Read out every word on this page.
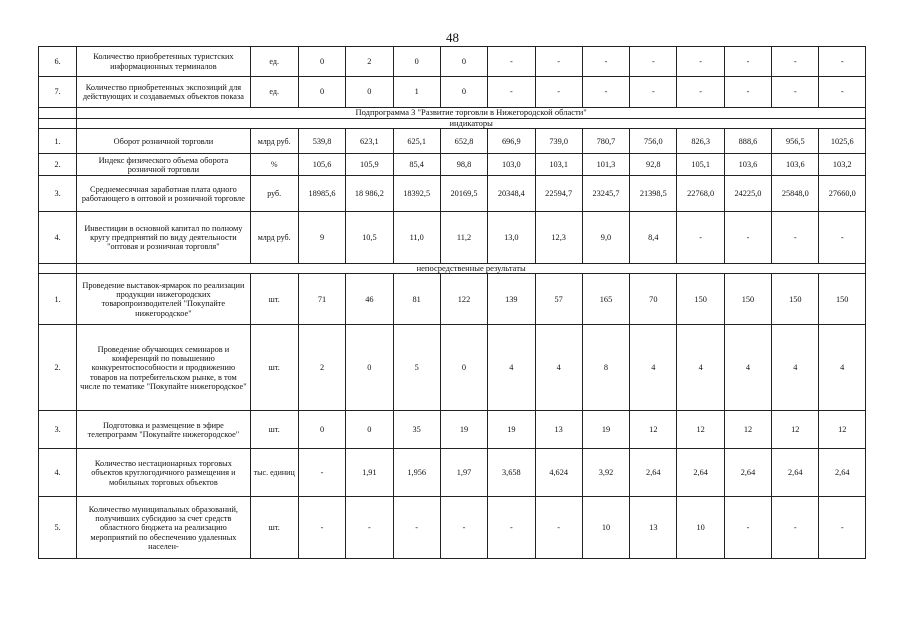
48
6.	Количество приобретенных туристских информационных терминалов	ед.	0	2	0	0	-	-	-	-	-	-	-	-
7.	Количество приобретенных экспозиций для действующих и создаваемых объектов показа	ед.	0	0	1	0	-	-	-	-	-	-	-	-
	Подпрограмма 3 "Развитие торговли в Нижегородской области"													
	индикаторы													
1.	Оборот розничной торговли	млрд руб.	539,8	623,1	625,1	652,8	696,9	739,0	780,7	756,0	826,3	888,6	956,5	1025,6
2.	Индекс физического объема оборота розничной торговли	%	105,6	105,9	85,4	98,8	103,0	103,1	101,3	92,8	105,1	103,6	103,6	103,2
3.	Среднемесячная заработная плата одного работающего в оптовой и розничной торговле	руб.	18985,6	18 986,2	18392,5	20169,5	20348,4	22594,7	23245,7	21398,5	22768,0	24225,0	25848,0	27660,0
4.	Инвестиции в основной капитал по полному кругу предприятий по виду деятельности "оптовая и розничная торговля"	млрд руб.	9	10,5	11,0	11,2	13,0	12,3	9,0	8,4	-	-	-	-
	непосредственные результаты													
1.	Проведение выставок-ярмарок по реализации продукции нижегородских товаропроизводителей "Покупайте нижегородское"	шт.	71	46	81	122	139	57	165	70	150	150	150	150
2.	Проведение обучающих семинаров и конференций по повышению конкурентоспособности и продвижению товаров на потребительском рынке, в том числе по тематике "Покупайте нижегородское"	шт.	2	0	5	0	4	4	8	4	4	4	4	4
3.	Подготовка и размещение в эфире телепрограмм "Покупайте нижегородское"	шт.	0	0	35	19	19	13	19	12	12	12	12	12
4.	Количество нестационарных торговых объектов круглогодичного размещения и мобильных торговых объектов	тыс. единиц	-	1,91	1,956	1,97	3,658	4,624	3,92	2,64	2,64	2,64	2,64	2,64
5.	Количество муниципальных образований, получивших субсидию за счет средств областного бюджета на реализацию мероприятий по обеспечению удаленных населен-	шт.	-	-	-	-	-	-	10	13	10	-	-	-
